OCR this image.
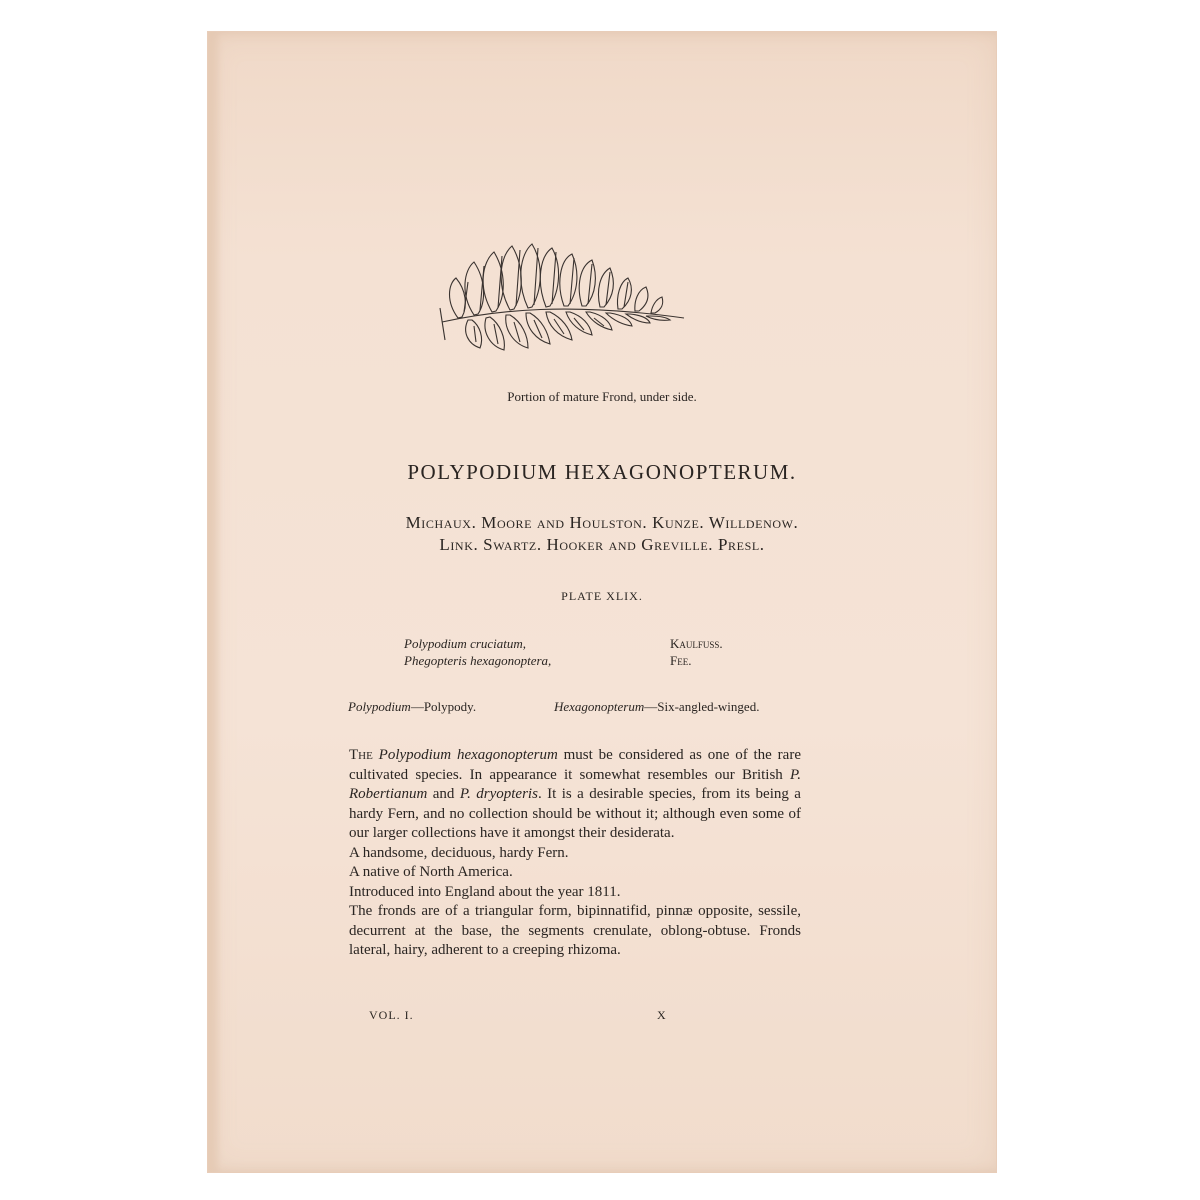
Portion of mature Frond, under side.
POLYPODIUM HEXAGONOPTERUM.
Michaux. Moore and Houlston. Kunze. Willdenow.
Link. Swartz. Hooker and Greville. Presl.
PLATE XLIX.
Polypodium cruciatum,
Phegopteris hexagonoptera,
Kaulfuss.
Fee.
Polypodium—Polypody.	Hexagonopterum—Six-angled-winged.

The Polypodium hexagonopterum must be considered as one of the rare cultivated species. In appearance it somewhat resembles our British P. Robertianum and P. dryopteris. It is a desirable species, from its being a hardy Fern, and no collection should be without it; although even some of our larger collections have it amongst their desiderata.

A handsome, deciduous, hardy Fern.

A native of North America.

Introduced into England about the year 1811.

The fronds are of a triangular form, bipinnatifid, pinnæ opposite, sessile, decurrent at the base, the segments crenulate, oblong-obtuse. Fronds lateral, hairy, adherent to a creeping rhizoma.

VOL. I.	X
